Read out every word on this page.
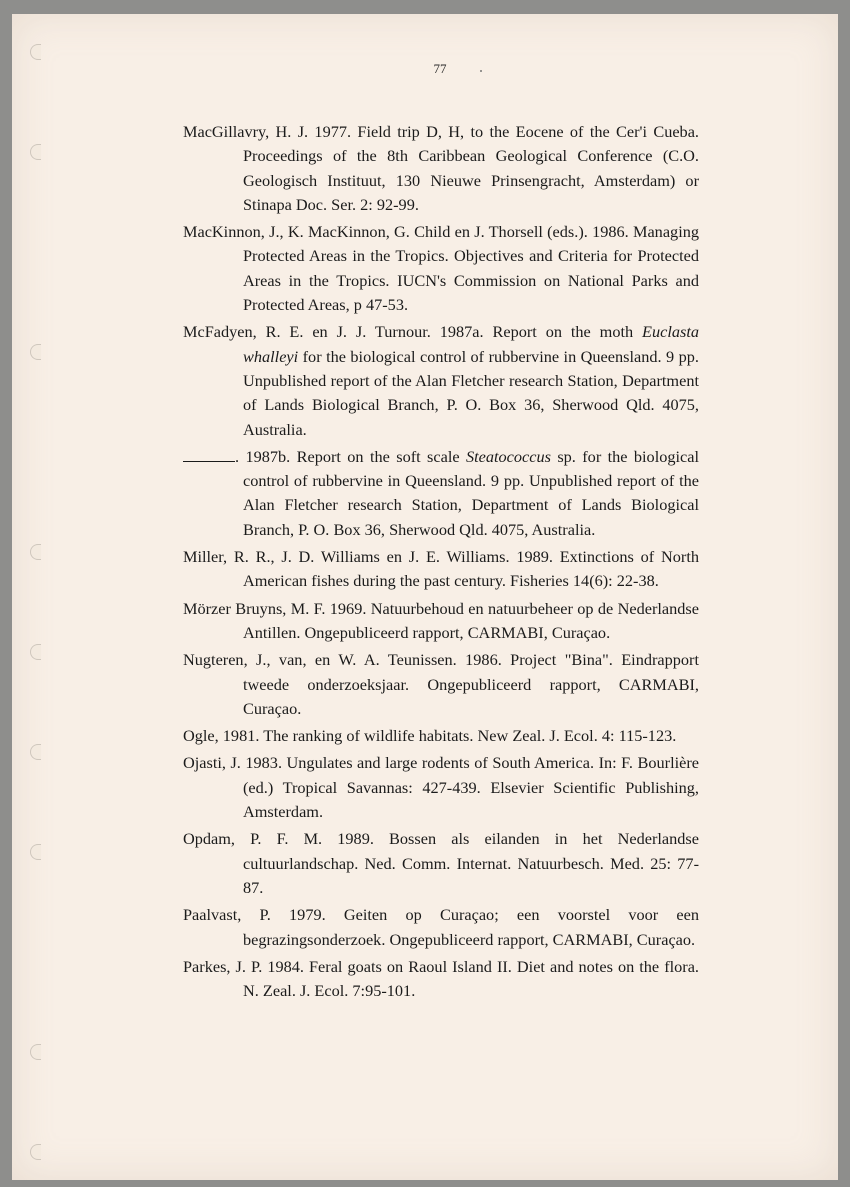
77

MacGillavry, H. J. 1977. Field trip D, H, to the Eocene of the Cer'i Cueba. Proceedings of the 8th Caribbean Geological Conference (C.O. Geologisch Instituut, 130 Nieuwe Prinsengracht, Amsterdam) or Stinapa Doc. Ser. 2: 92-99.

MacKinnon, J., K. MacKinnon, G. Child en J. Thorsell (eds.). 1986. Managing Protected Areas in the Tropics. Objectives and Criteria for Protected Areas in the Tropics. IUCN's Commission on National Parks and Protected Areas, p 47-53.

McFadyen, R. E. en J. J. Turnour. 1987a. Report on the moth Euclasta whalleyi for the biological control of rubbervine in Queensland. 9 pp. Unpublished report of the Alan Fletcher research Station, Department of Lands Biological Branch, P. O. Box 36, Sherwood Qld. 4075, Australia.

. 1987b. Report on the soft scale Steatococcus sp. for the biological control of rubbervine in Queensland. 9 pp. Unpublished report of the Alan Fletcher research Station, Department of Lands Biological Branch, P. O. Box 36, Sherwood Qld. 4075, Australia.

Miller, R. R., J. D. Williams en J. E. Williams. 1989. Extinctions of North American fishes during the past century. Fisheries 14(6): 22-38.

Mörzer Bruyns, M. F. 1969. Natuurbehoud en natuurbeheer op de Nederlandse Antillen. Ongepubliceerd rapport, CARMABI, Curaçao.

Nugteren, J., van, en W. A. Teunissen. 1986. Project "Bina". Eindrapport tweede onderzoeksjaar. Ongepubliceerd rapport, CARMABI, Curaçao.

Ogle, 1981. The ranking of wildlife habitats. New Zeal. J. Ecol. 4: 115-123.

Ojasti, J. 1983. Ungulates and large rodents of South America. In: F. Bourlière (ed.) Tropical Savannas: 427-439. Elsevier Scientific Publishing, Amsterdam.

Opdam, P. F. M. 1989. Bossen als eilanden in het Nederlandse cultuurlandschap. Ned. Comm. Internat. Natuurbesch. Med. 25: 77-87.

Paalvast, P. 1979. Geiten op Curaçao; een voorstel voor een begrazingsonderzoek. Ongepubliceerd rapport, CARMABI, Curaçao.

Parkes, J. P. 1984. Feral goats on Raoul Island II. Diet and notes on the flora. N. Zeal. J. Ecol. 7:95-101.
